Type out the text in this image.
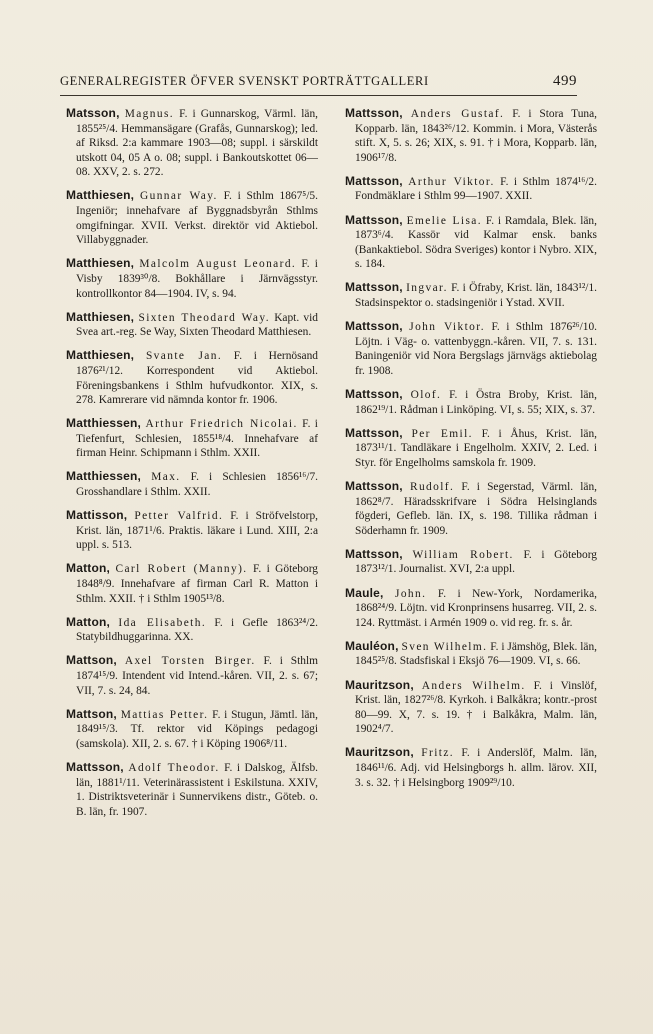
GENERALREGISTER ÖFVER SVENSKT PORTRÄTTGALLERI	499

Matsson, Magnus. F. i Gunnarskog, Värml. län, 1855²⁵/4. Hemmansägare (Grafås, Gunnarskog); led. af Riksd. 2:a kammare 1903—08; suppl. i särskildt utskott 04, 05 A o. 08; suppl. i Bankoutskottet 06—08. XXV, 2. s. 272.

Matthiesen, Gunnar Way. F. i Sthlm 1867⁵/5. Ingeniör; innehafvare af Byggnadsbyrån Sthlms omgifningar. XVII. Verkst. direktör vid Aktiebol. Villabyggnader.

Matthiesen, Malcolm August Leonard. F. i Visby 1839³⁰/8. Bokhållare i Järnvägsstyr. kontrollkontor 84—1904. IV, s. 94.

Matthiesen, Sixten Theodard Way. Kapt. vid Svea art.-reg. Se Way, Sixten Theodard Matthiesen.

Matthiesen, Svante Jan. F. i Hernösand 1876²¹/12. Korrespondent vid Aktiebol. Föreningsbankens i Sthlm hufvudkontor. XIX, s. 278. Kamrerare vid nämnda kontor fr. 1906.

Matthiessen, Arthur Friedrich Nicolai. F. i Tiefenfurt, Schlesien, 1855¹⁸/4. Innehafvare af firman Heinr. Schipmann i Sthlm. XXII.

Matthiessen, Max. F. i Schlesien 1856¹⁶/7. Grosshandlare i Sthlm. XXII.

Mattisson, Petter Valfrid. F. i Ströfvelstorp, Krist. län, 1871¹/6. Praktis. läkare i Lund. XIII, 2:a uppl. s. 513.

Matton, Carl Robert (Manny). F. i Göteborg 1848⁸/9. Innehafvare af firman Carl R. Matton i Sthlm. XXII. † i Sthlm 1905¹³/8.

Matton, Ida Elisabeth. F. i Gefle 1863²⁴/2. Statybildhuggarinna. XX.

Mattson, Axel Torsten Birger. F. i Sthlm 1874¹⁵/9. Intendent vid Intend.-kåren. VII, 2. s. 67; VII, 7. s. 24, 84.

Mattson, Mattias Petter. F. i Stugun, Jämtl. län, 1849¹⁵/3. Tf. rektor vid Köpings pedagogi (samskola). XII, 2. s. 67. † i Köping 1906⁸/11.

Mattsson, Adolf Theodor. F. i Dalskog, Älfsb. län, 1881¹/11. Veterinärassistent i Eskilstuna. XXIV, 1. Distriktsveterinär i Sunnervikens distr., Göteb. o. B. län, fr. 1907.

Mattsson, Anders Gustaf. F. i Stora Tuna, Kopparb. län, 1843²⁶/12. Kommin. i Mora, Västerås stift. X, 5. s. 26; XIX, s. 91. † i Mora, Kopparb. län, 1906¹⁷/8.

Mattsson, Arthur Viktor. F. i Sthlm 1874¹⁶/2. Fondmäklare i Sthlm 99—1907. XXII.

Mattsson, Emelie Lisa. F. i Ramdala, Blek. län, 1873⁶/4. Kassör vid Kalmar ensk. banks (Bankaktiebol. Södra Sveriges) kontor i Nybro. XIX, s. 184.

Mattsson, Ingvar. F. i Öfraby, Krist. län, 1843¹²/1. Stadsinspektor o. stadsingeniör i Ystad. XVII.

Mattsson, John Viktor. F. i Sthlm 1876²⁶/10. Löjtn. i Väg- o. vattenbyggn.-kåren. VII, 7. s. 131. Baningeniör vid Nora Bergslags järnvägs aktiebolag fr. 1908.

Mattsson, Olof. F. i Östra Broby, Krist. län, 1862¹⁹/1. Rådman i Linköping. VI, s. 55; XIX, s. 37.

Mattsson, Per Emil. F. i Åhus, Krist. län, 1873¹¹/1. Tandläkare i Engelholm. XXIV, 2. Led. i Styr. för Engelholms samskola fr. 1909.

Mattsson, Rudolf. F. i Segerstad, Värml. län, 1862⁸/7. Häradsskrifvare i Södra Helsinglands fögderi, Gefleb. län. IX, s. 198. Tillika rådman i Söderhamn fr. 1909.

Mattsson, William Robert. F. i Göteborg 1873¹²/1. Journalist. XVI, 2:a uppl.

Maule, John. F. i New-York, Nordamerika, 1868²⁴/9. Löjtn. vid Kronprinsens husarreg. VII, 2. s. 124. Ryttmäst. i Armén 1909 o. vid reg. fr. s. år.

Mauléon, Sven Wilhelm. F. i Jämshög, Blek. län, 1845²⁵/8. Stadsfiskal i Eksjö 76—1909. VI, s. 66.

Mauritzson, Anders Wilhelm. F. i Vinslöf, Krist. län, 1827²⁶/8. Kyrkoh. i Balkåkra; kontr.-prost 80—99. X, 7. s. 19. † i Balkåkra, Malm. län, 1902⁴/7.

Mauritzson, Fritz. F. i Anderslöf, Malm. län, 1846¹¹/6. Adj. vid Helsingborgs h. allm. lärov. XII, 3. s. 32. † i Helsingborg 1909²⁹/10.
